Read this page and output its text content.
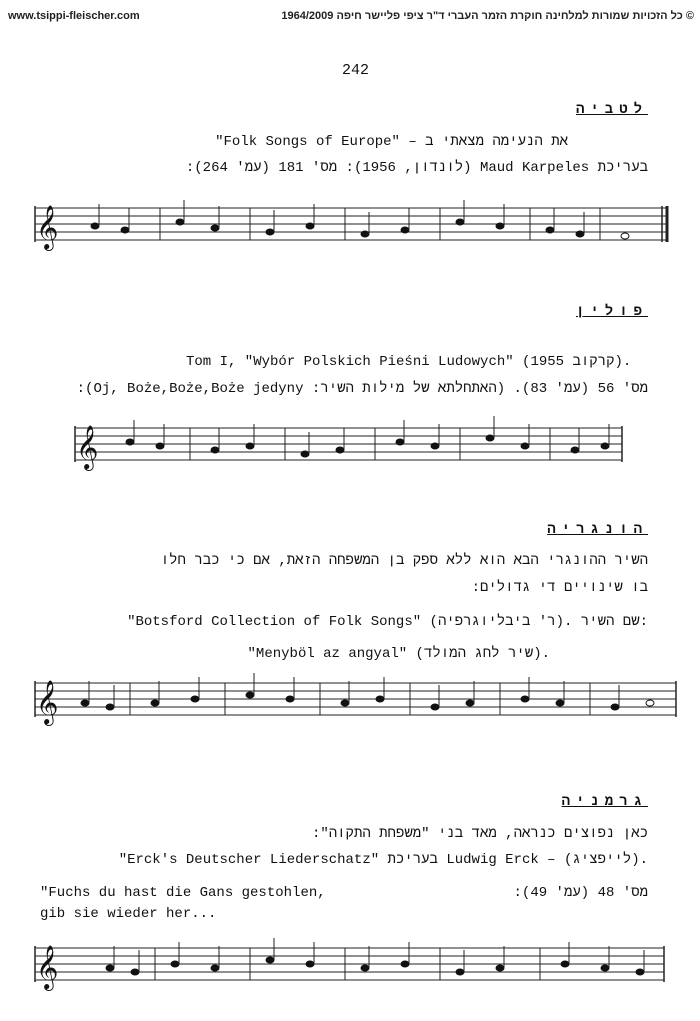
www.tsippi-fleischer.com	© כל הזכויות שמורות למלחינה חוקרת הזמר העברי ד"ר ציפי פליישר חיפה 1964/2009
242
לטביה
"Folk Songs of Europe" – את הנעימה מצאתי ב
בעריכת Maud Karpeles (לונדון, 1956): מס' 181 (עמ' 264):
𝄞
𝄞
𝄞
𝄞
פולין
Tom I, "Wybór Polskich Pieśni Ludowych" (קרקוב 1955).
מס' 56 (עמ' 83). (האתחלתא של מילות השיר: Oj, Boże,Boże,Boże jedyny):
הונגריה
השיר ההונגרי הבא הוא ללא ספק בן המשפחה הזאת, אם כי כבר חלו
בו שינויים די גדולים:
"Botsford Collection of Folk Songs" (ר' ביבליוגרפיה). שם השיר:
"Menyböl az angyal" (שיר לחג המולד).
גרמניה
כאן נפוצים כנראה, מאד בני "משפחת התקוה":
"Erck's Deutscher Liederschatz" בעריכת Ludwig Erck – (לייפציג).
"Fuchs du hast die Gans gestohlen,
gib sie wieder her...
מס' 48 (עמ' 49):
